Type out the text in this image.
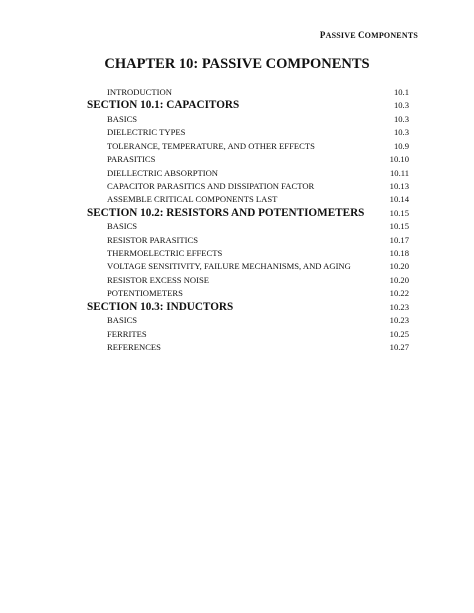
PASSIVE COMPONENTS
CHAPTER 10: PASSIVE COMPONENTS
INTRODUCTION	10.1
SECTION 10.1: CAPACITORS	10.3
BASICS	10.3
DIELECTRIC TYPES	10.3
TOLERANCE, TEMPERATURE, AND OTHER EFFECTS	10.9
PARASITICS	10.10
DIELLECTRIC ABSORPTION	10.11
CAPACITOR PARASITICS AND DISSIPATION FACTOR	10.13
ASSEMBLE CRITICAL COMPONENTS LAST	10.14
SECTION 10.2: RESISTORS AND POTENTIOMETERS	10.15
BASICS	10.15
RESISTOR PARASITICS	10.17
THERMOELECTRIC EFFECTS	10.18
VOLTAGE SENSITIVITY, FAILURE MECHANISMS, AND AGING	10.20
RESISTOR EXCESS NOISE	10.20
POTENTIOMETERS	10.22
SECTION 10.3: INDUCTORS	10.23
BASICS	10.23
FERRITES	10.25
REFERENCES	10.27
